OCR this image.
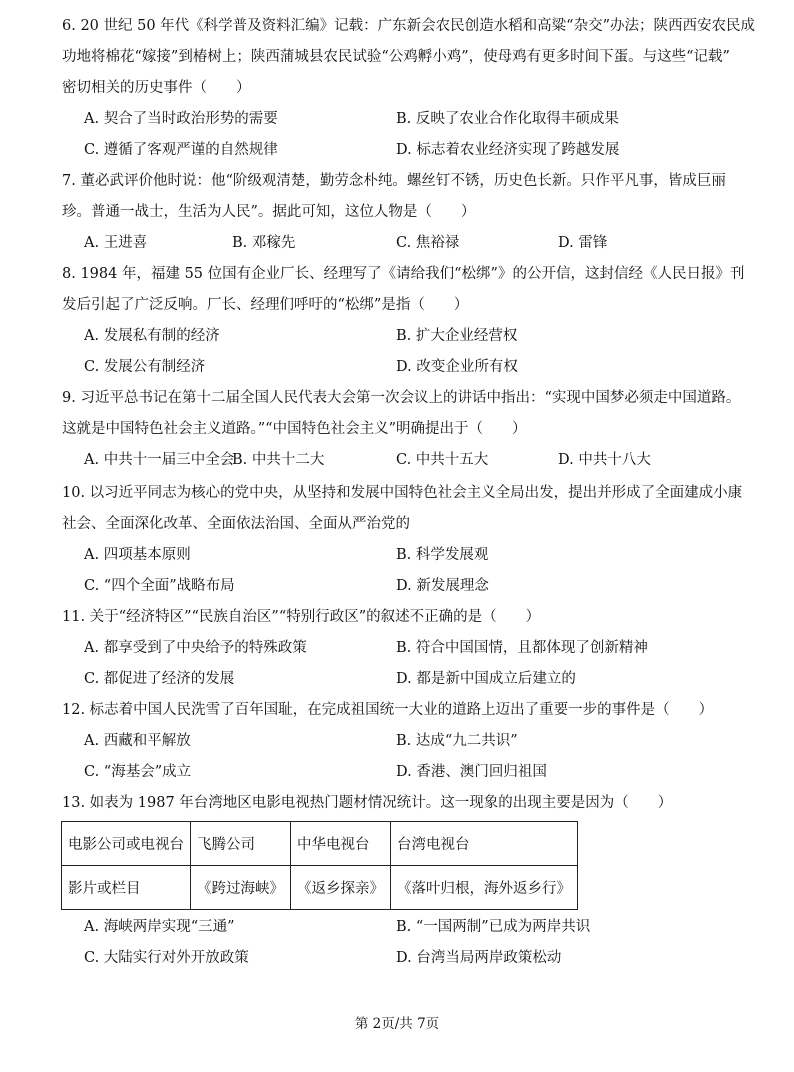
6. 20 世纪 50 年代《科学普及资料汇编》记载：广东新会农民创造水稻和高粱“杂交”办法；陕西西安农民成
功地将棉花“嫁接”到椿树上；陕西蒲城县农民试验“公鸡孵小鸡”，使母鸡有更多时间下蛋。与这些“记载”
密切相关的历史事件（　　）
A. 契合了当时政治形势的需要	B. 反映了农业合作化取得丰硕成果
C. 遵循了客观严谨的自然规律	D. 标志着农业经济实现了跨越发展
7. 董必武评价他时说：他“阶级观清楚，勤劳念朴纯。螺丝钉不锈，历史色长新。只作平凡事，皆成巨丽
珍。普通一战士，生活为人民”。据此可知，这位人物是（　　）
A. 王进喜	B. 邓稼先	C. 焦裕禄	D. 雷锋
8. 1984 年，福建 55 位国有企业厂长、经理写了《请给我们“松绑”》的公开信，这封信经《人民日报》刊
发后引起了广泛反响。厂长、经理们呼吁的“松绑”是指（　　）
A. 发展私有制的经济	B. 扩大企业经营权
C. 发展公有制经济	D. 改变企业所有权
9. 习近平总书记在第十二届全国人民代表大会第一次会议上的讲话中指出：“实现中国梦必须走中国道路。
这就是中国特色社会主义道路。”“中国特色社会主义”明确提出于（　　）
A. 中共十一届三中全会
B. 中共十二大	C. 中共十五大	D. 中共十八大
10. 以习近平同志为核心的党中央，从坚持和发展中国特色社会主义全局出发，提出并形成了全面建成小康
社会、全面深化改革、全面依法治国、全面从严治党的
A. 四项基本原则	B. 科学发展观
C. “四个全面”战略布局	D. 新发展理念
11. 关于“经济特区”“民族自治区”“特别行政区”的叙述不正确的是（　　）
A. 都享受到了中央给予的特殊政策	B. 符合中国国情，且都体现了创新精神
C. 都促进了经济的发展	D. 都是新中国成立后建立的
12. 标志着中国人民洗雪了百年国耻，在完成祖国统一大业的道路上迈出了重要一步的事件是（　　）
A. 西藏和平解放	B. 达成“九二共识”
C. “海基会”成立	D. 香港、澳门回归祖国
13. 如表为 1987 年台湾地区电影电视热门题材情况统计。这一现象的出现主要是因为（　　）
电影公司或电视台	飞腾公司	中华电视台	台湾电视台
影片或栏目	《跨过海峡》	《返乡探亲》	《落叶归根，海外返乡行》
A. 海峡两岸实现“三通”	B. “一国两制”已成为两岸共识
C. 大陆实行对外开放政策	D. 台湾当局两岸政策松动
第 2页/共 7页
